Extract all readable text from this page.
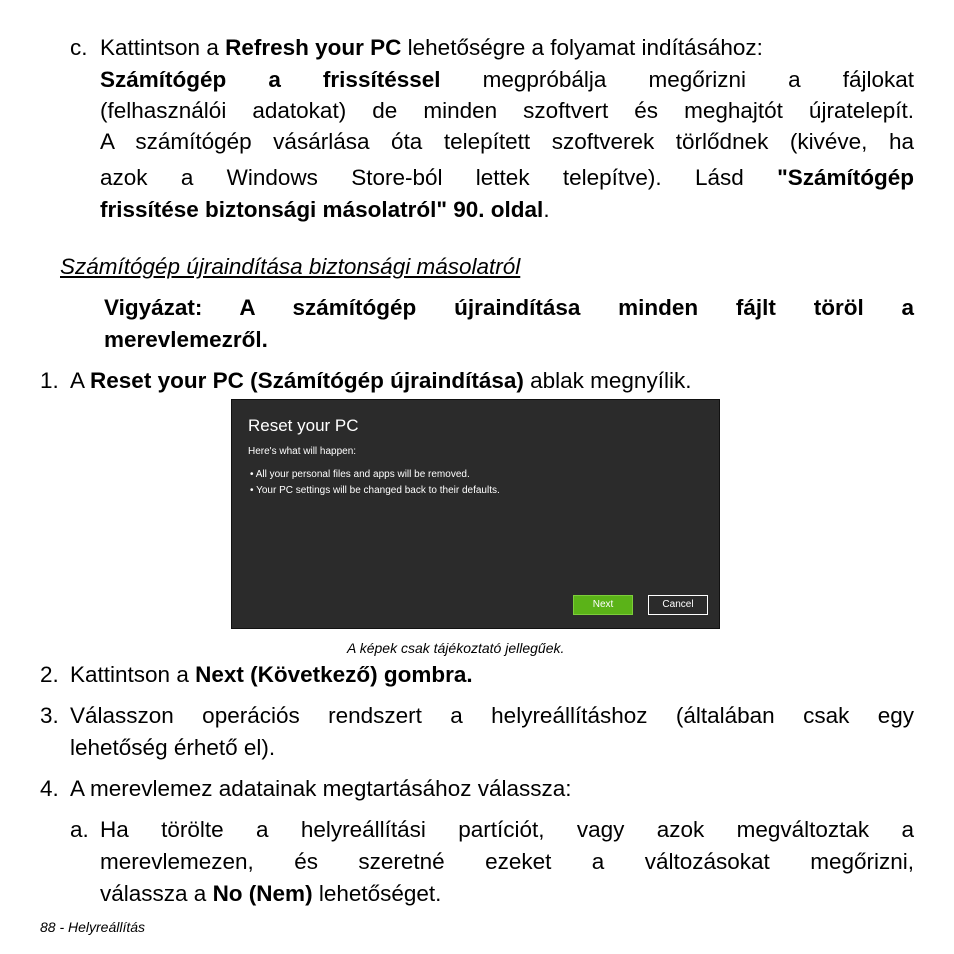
c. Kattintson a Refresh your PC lehetőségre a folyamat indításához:
Számítógép a frissítéssel megpróbálja megőrizni a fájlokat
(felhasználói adatokat) de minden szoftvert és meghajtót újratelepít.
A számítógép vásárlása óta telepített szoftverek törlődnek (kivéve, ha
azok a Windows Store-ból lettek telepítve). Lásd "Számítógép
frissítése biztonsági másolatról" 90. oldal.
Számítógép újraindítása biztonsági másolatról
Vigyázat: A számítógép újraindítása minden fájlt töröl a
merevlemezről.
1. A Reset your PC (Számítógép újraindítása) ablak megnyílik.
Reset your PC
Here's what will happen:
• All your personal files and apps will be removed.
• Your PC settings will be changed back to their defaults.
Next	Cancel
A képek csak tájékoztató jellegűek.
2. Kattintson a Next (Következő) gombra.
3. Válasszon operációs rendszert a helyreállításhoz (általában csak egy
lehetőség érhető el).
4. A merevlemez adatainak megtartásához válassza:
a. Ha törölte a helyreállítási partíciót, vagy azok megváltoztak a
merevlemezen, és szeretné ezeket a változásokat megőrizni,
válassza a No (Nem) lehetőséget.
88 - Helyreállítás
